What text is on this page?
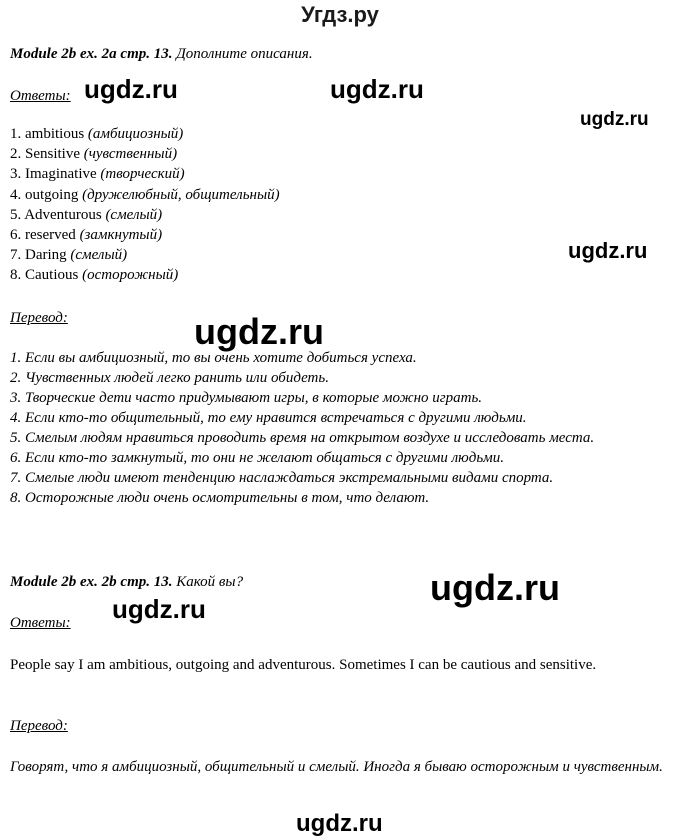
Угдз.ру
Module 2b ex. 2a стр. 13. Дополните описания.
Ответы:
1. ambitious (амбициозный)
2. Sensitive (чувственный)
3. Imaginative (творческий)
4. outgoing (дружелюбный, общительный)
5. Adventurous (смелый)
6. reserved (замкнутый)
7. Daring (смелый)
8. Cautious (осторожный)
Перевод:
1. Если вы амбициозный, то вы очень хотите добиться успеха.
2. Чувственных людей легко ранить или обидеть.
3. Творческие дети часто придумывают игры, в которые можно играть.
4. Если кто-то общительный, то ему нравится встречаться с другими людьми.
5. Смелым людям нравиться проводить время на открытом воздухе и исследовать места.
6. Если кто-то замкнутый, то они не желают общаться с другими людьми.
7. Смелые люди имеют тенденцию наслаждаться экстремальными видами спорта.
8. Осторожные люди очень осмотрительны в том, что делают.
Module 2b ex. 2b стр. 13. Какой вы?
Ответы:
People say I am ambitious, outgoing and adventurous. Sometimes I can be cautious and sensitive.
Перевод:
Говорят, что я амбициозный, общительный и смелый. Иногда я бываю осторожным и чувственным.
ugdz.ru	ugdz.ru
ugdz.ru
ugdz.ru
ugdz.ru
ugdz.ru
ugdz.ru
ugdz.ru
